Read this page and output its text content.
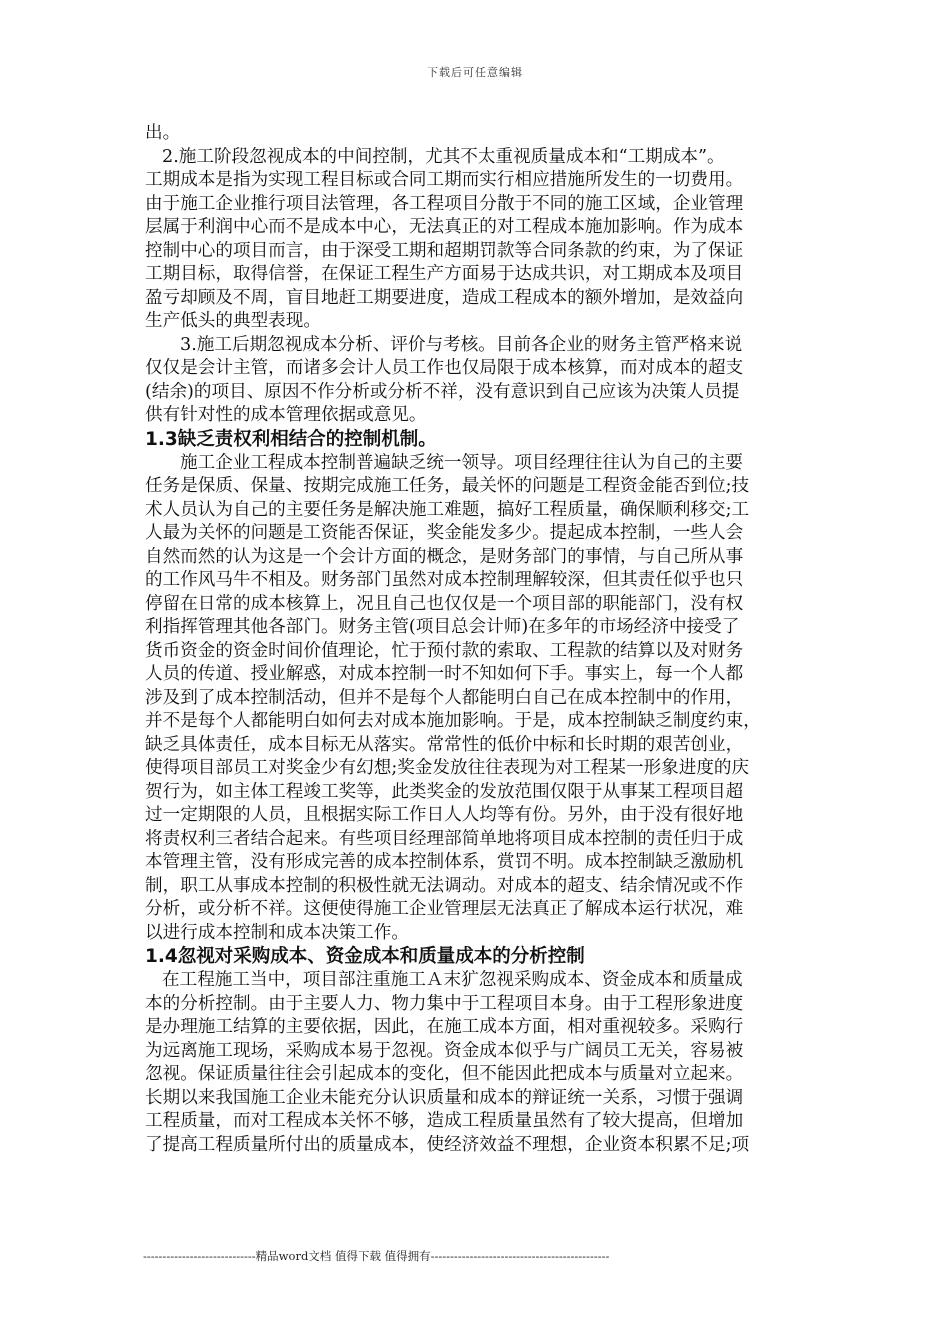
下载后可任意编辑
出。
2.施工阶段忽视成本的中间控制，尤其不太重视质量成本和“工期成本”。
工期成本是指为实现工程目标或合同工期而实行相应措施所发生的一切费用。
由于施工企业推行项目法管理，各工程项目分散于不同的施工区域，企业管理
层属于利润中心而不是成本中心，无法真正的对工程成本施加影响。作为成本
控制中心的项目而言，由于深受工期和超期罚款等合同条款的约束，为了保证
工期目标，取得信誉，在保证工程生产方面易于达成共识，对工期成本及项目
盈亏却顾及不周，盲目地赶工期要进度，造成工程成本的额外增加，是效益向
生产低头的典型表现。
3.施工后期忽视成本分析、评价与考核。目前各企业的财务主管严格来说
仅仅是会计主管，而诸多会计人员工作也仅局限于成本核算，而对成本的超支
(结余)的项目、原因不作分析或分析不祥，没有意识到自己应该为决策人员提
供有针对性的成本管理依据或意见。
1.3缺乏责权利相结合的控制机制。
施工企业工程成本控制普遍缺乏统一领导。项目经理往往认为自己的主要
任务是保质、保量、按期完成施工任务，最关怀的问题是工程资金能否到位;技
术人员认为自己的主要任务是解决施工难题，搞好工程质量，确保顺利移交;工
人最为关怀的问题是工资能否保证，奖金能发多少。提起成本控制，一些人会
自然而然的认为这是一个会计方面的概念，是财务部门的事情，与自己所从事
的工作风马牛不相及。财务部门虽然对成本控制理解较深，但其责任似乎也只
停留在日常的成本核算上，况且自己也仅仅是一个项目部的职能部门，没有权
利指挥管理其他各部门。财务主管(项目总会计师)在多年的市场经济中接受了
货币资金的资金时间价值理论，忙于预付款的索取、工程款的结算以及对财务
人员的传道、授业解惑，对成本控制一时不知如何下手。事实上，每一个人都
涉及到了成本控制活动，但并不是每个人都能明白自己在成本控制中的作用，
并不是每个人都能明白如何去对成本施加影响。于是，成本控制缺乏制度约束，
缺乏具体责任，成本目标无从落实。常常性的低价中标和长时期的艰苦创业，
使得项目部员工对奖金少有幻想;奖金发放往往表现为对工程某一形象进度的庆
贺行为，如主体工程竣工奖等，此类奖金的发放范围仅限于从事某工程项目超
过一定期限的人员，且根据实际工作日人人均等有份。另外，由于没有很好地
将责权利三者结合起来。有些项目经理部简单地将项目成本控制的责任归于成
本管理主管，没有形成完善的成本控制体系，赏罚不明。成本控制缺乏激励机
制，职工从事成本控制的积极性就无法调动。对成本的超支、结余情况或不作
分析，或分析不祥。这便使得施工企业管理层无法真正了解成本运行状况，难
以进行成本控制和成本决策工作。
1.4忽视对采购成本、资金成本和质量成本的分析控制
在工程施工当中，项目部注重施工Ａ末犷忽视采购成本、资金成本和质量成
本的分析控制。由于主要人力、物力集中于工程项目本身。由于工程形象进度
是办理施工结算的主要依据，因此，在施工成本方面，相对重视较多。采购行
为远离施工现场，采购成本易于忽视。资金成本似乎与广阔员工无关，容易被
忽视。保证质量往往会引起成本的变化，但不能因此把成本与质量对立起来。
长期以来我国施工企业未能充分认识质量和成本的辩证统一关系，习惯于强调
工程质量，而对工程成本关怀不够，造成工程质量虽然有了较大提高，但增加
了提高工程质量所付出的质量成本，使经济效益不理想，企业资本积累不足;项
-----------------------------精品word文档 值得下载 值得拥有----------------------------------------------
